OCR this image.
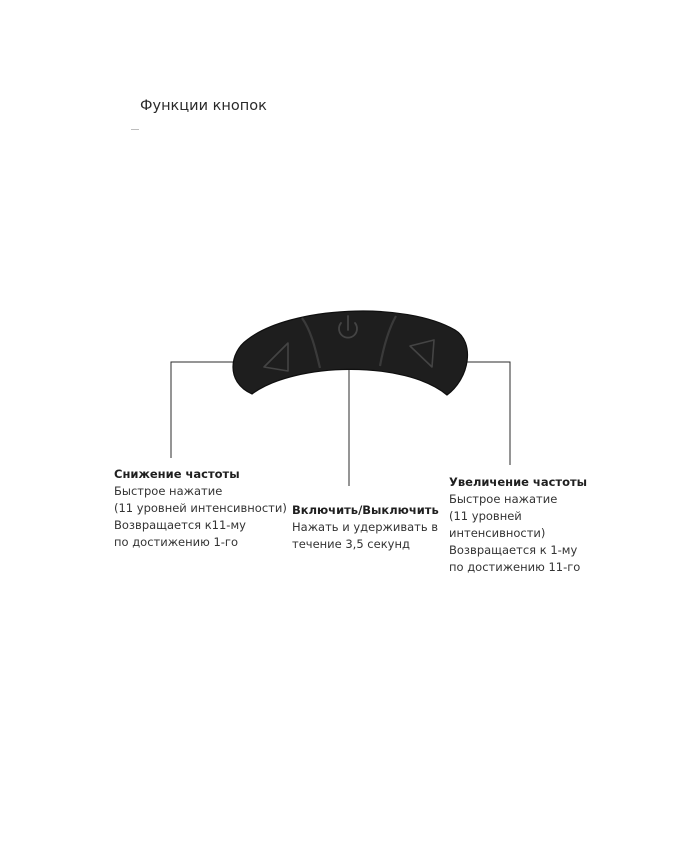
Функции кнопок
Снижение частоты
Быстрое нажатие
(11 уровней интенсивности)
Возвращается к11-му
по достижению 1-го
Включить/Выключить
Нажать и удерживать в
течение 3,5 секунд
Увеличение частоты
Быстрое нажатие
(11 уровней
интенсивности)
Возвращается к 1-му
по достижению 11-го
